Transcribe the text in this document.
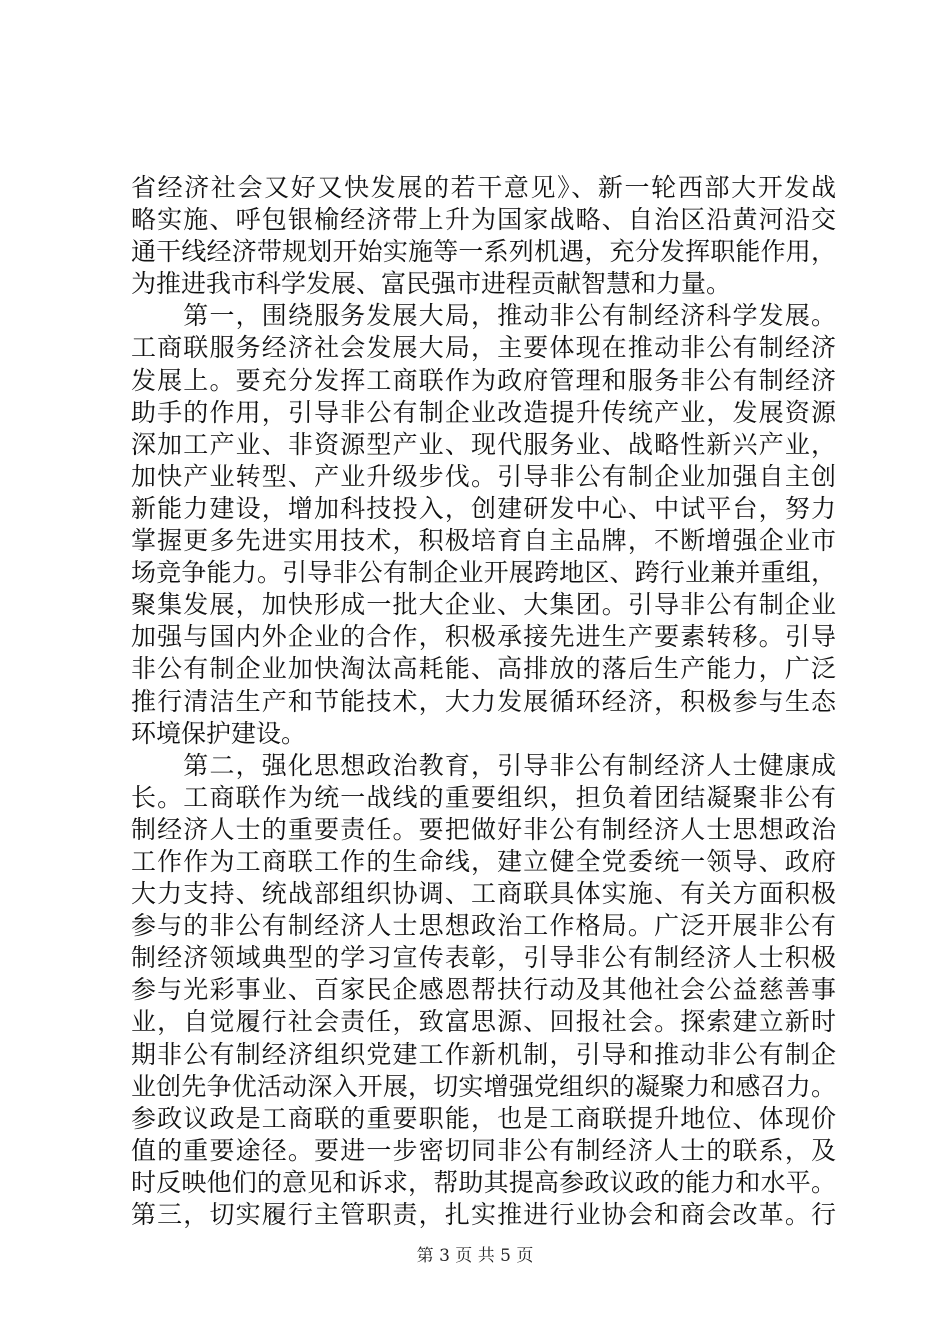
省经济社会又好又快发展的若干意见》、新一轮西部大开发战
略实施、呼包银榆经济带上升为国家战略、自治区沿黄河沿交
通干线经济带规划开始实施等一系列机遇，充分发挥职能作用，
为推进我市科学发展、富民强市进程贡献智慧和力量。
　　第一，围绕服务发展大局，推动非公有制经济科学发展。
工商联服务经济社会发展大局，主要体现在推动非公有制经济
发展上。要充分发挥工商联作为政府管理和服务非公有制经济
助手的作用，引导非公有制企业改造提升传统产业，发展资源
深加工产业、非资源型产业、现代服务业、战略性新兴产业，
加快产业转型、产业升级步伐。引导非公有制企业加强自主创
新能力建设，增加科技投入，创建研发中心、中试平台，努力
掌握更多先进实用技术，积极培育自主品牌，不断增强企业市
场竞争能力。引导非公有制企业开展跨地区、跨行业兼并重组，
聚集发展，加快形成一批大企业、大集团。引导非公有制企业
加强与国内外企业的合作，积极承接先进生产要素转移。引导
非公有制企业加快淘汰高耗能、高排放的落后生产能力，广泛
推行清洁生产和节能技术，大力发展循环经济，积极参与生态
环境保护建设。
　　第二，强化思想政治教育，引导非公有制经济人士健康成
长。工商联作为统一战线的重要组织，担负着团结凝聚非公有
制经济人士的重要责任。要把做好非公有制经济人士思想政治
工作作为工商联工作的生命线，建立健全党委统一领导、政府
大力支持、统战部组织协调、工商联具体实施、有关方面积极
参与的非公有制经济人士思想政治工作格局。广泛开展非公有
制经济领域典型的学习宣传表彰，引导非公有制经济人士积极
参与光彩事业、百家民企感恩帮扶行动及其他社会公益慈善事
业，自觉履行社会责任，致富思源、回报社会。探索建立新时
期非公有制经济组织党建工作新机制，引导和推动非公有制企
业创先争优活动深入开展，切实增强党组织的凝聚力和感召力。
参政议政是工商联的重要职能，也是工商联提升地位、体现价
值的重要途径。要进一步密切同非公有制经济人士的联系，及
时反映他们的意见和诉求，帮助其提高参政议政的能力和水平。
第三，切实履行主管职责，扎实推进行业协会和商会改革。行
第 3 页 共 5 页
